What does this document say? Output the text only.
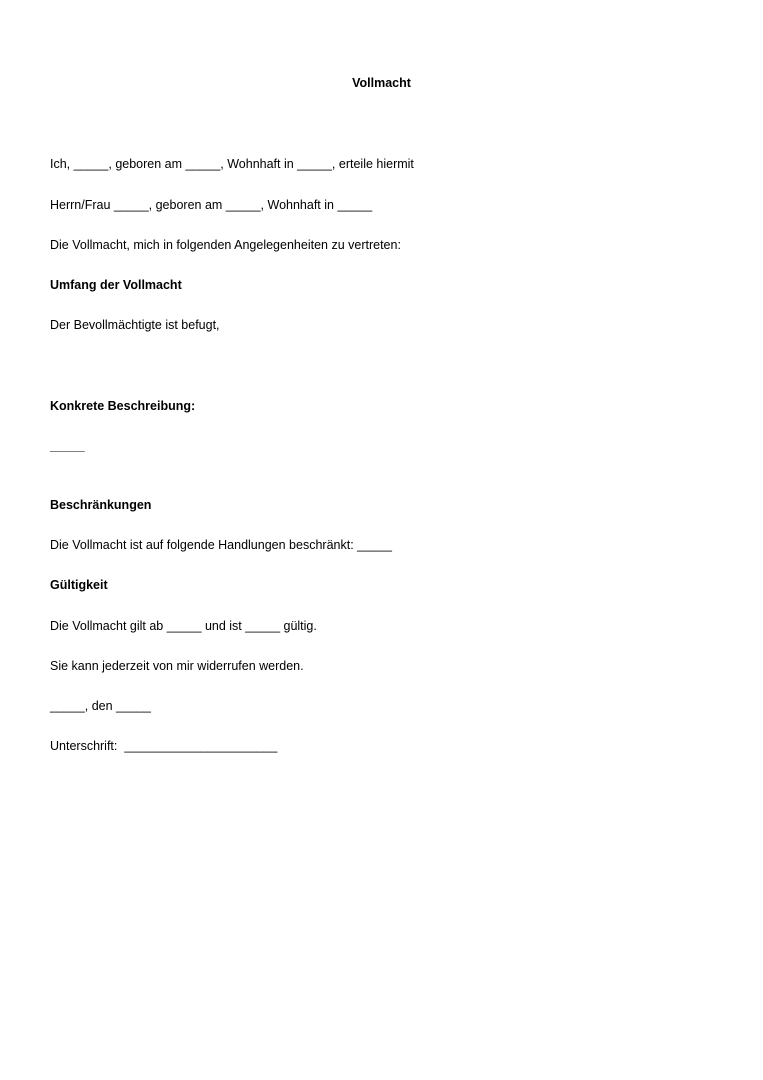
Vollmacht

Ich, _____, geboren am _____, Wohnhaft in _____, erteile hiermit

Herrn/Frau _____, geboren am _____, Wohnhaft in _____

Die Vollmacht, mich in folgenden Angelegenheiten zu vertreten:

Umfang der Vollmacht

Der Bevollmächtigte ist befugt,

Konkrete Beschreibung:

_____

Beschränkungen

Die Vollmacht ist auf folgende Handlungen beschränkt: _____

Gültigkeit

Die Vollmacht gilt ab _____ und ist _____ gültig.

Sie kann jederzeit von mir widerrufen werden.

_____, den _____

Unterschrift:  ______________________
